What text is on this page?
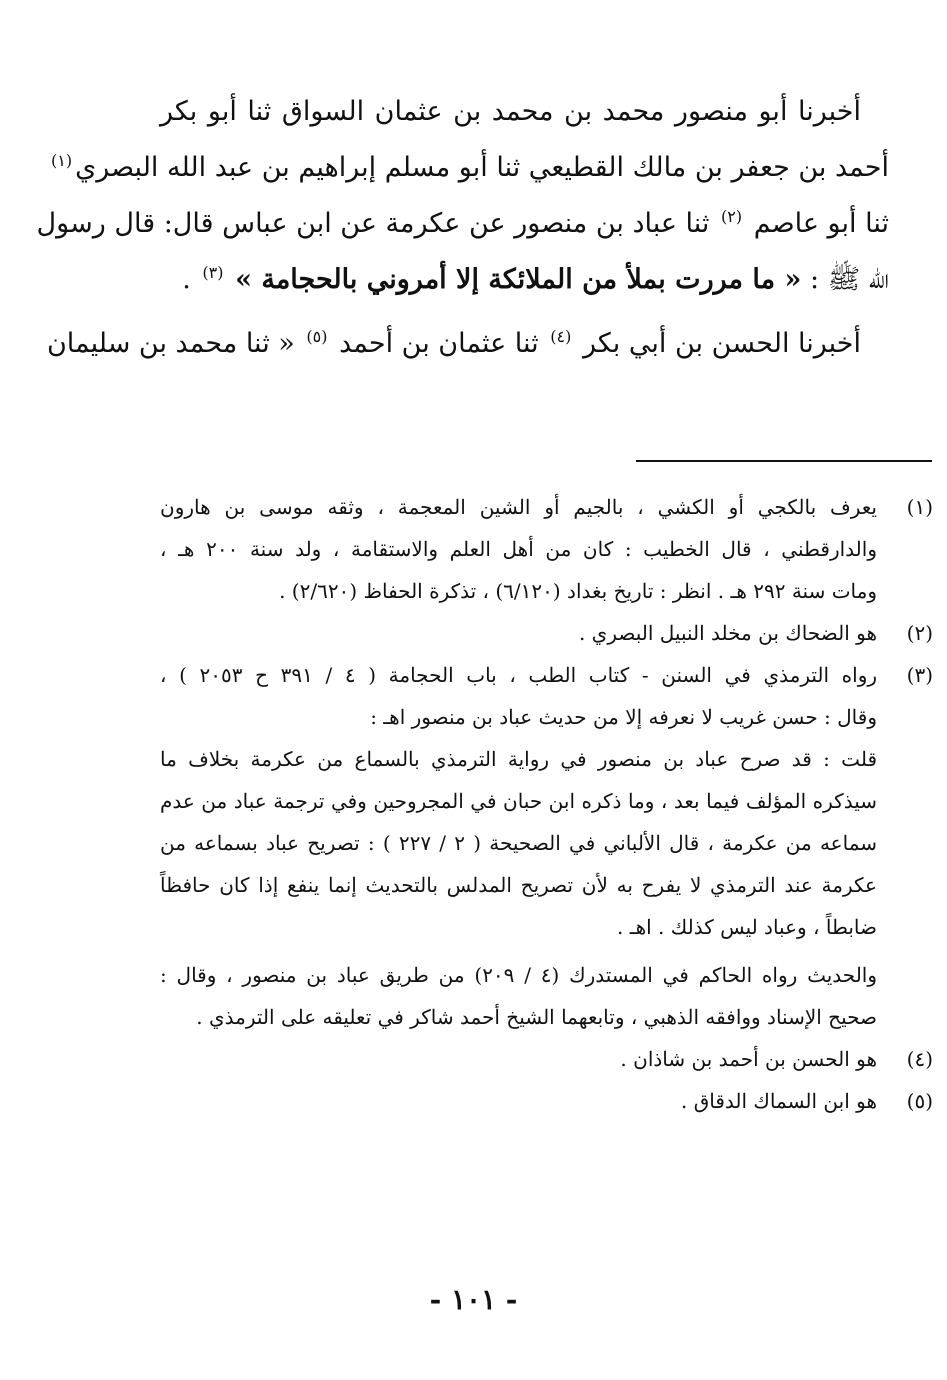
أخبرنا أبو منصور محمد بن محمد بن عثمان السواق ثنا أبو بكر
أحمد بن جعفر بن مالك القطيعي ثنا أبو مسلم إبراهيم بن عبد الله البصري$^{(١)}$
ثنا أبو عاصم $^{(٢)}$ ثنا عباد بن منصور عن عكرمة عن ابن عباس قال: قال رسول
الله ﷺ : « ما مررت بملأ من الملائكة إلا أمروني بالحجامة » $^{(٣)}$ .
أخبرنا الحسن بن أبي بكر $^{(٤)}$ ثنا عثمان بن أحمد $^{(٥)}$ « ثنا محمد بن سليمان
(١)
يعرف بالكجي أو الكشي ، بالجيم أو الشين المعجمة ، وثقه موسى بن هارون
والدارقطني ، قال الخطيب : كان من أهل العلم والاستقامة ، ولد سنة ٢٠٠ هـ ،
ومات سنة ٢٩٢ هـ . انظر : تاريخ بغداد (٦/١٢٠) ، تذكرة الحفاظ (٢/٦٢٠) .
(٢)
هو الضحاك بن مخلد النبيل البصري .
(٣)
رواه الترمذي في السنن - كتاب الطب ، باب الحجامة ( ٤ / ٣٩١ ح ٢٠٥٣ ) ،
وقال : حسن غريب لا نعرفه إلا من حديث عباد بن منصور اهـ :
قلت : قد صرح عباد بن منصور في رواية الترمذي بالسماع من عكرمة بخلاف ما
سيذكره المؤلف فيما بعد ، وما ذكره ابن حبان في المجروحين وفي ترجمة عباد من عدم
سماعه من عكرمة ، قال الألباني في الصحيحة ( ٢ / ٢٢٧ ) : تصريح عباد بسماعه من
عكرمة عند الترمذي لا يفرح به لأن تصريح المدلس بالتحديث إنما ينفع إذا كان حافظاً
ضابطاً ، وعباد ليس كذلك . اهـ .
والحديث رواه الحاكم في المستدرك (٤ / ٢٠٩) من طريق عباد بن منصور ، وقال :
صحيح الإسناد ووافقه الذهبي ، وتابعهما الشيخ أحمد شاكر في تعليقه على الترمذي .
(٤)
هو الحسن بن أحمد بن شاذان .
(٥)
هو ابن السماك الدقاق .
- ١٠١ -
